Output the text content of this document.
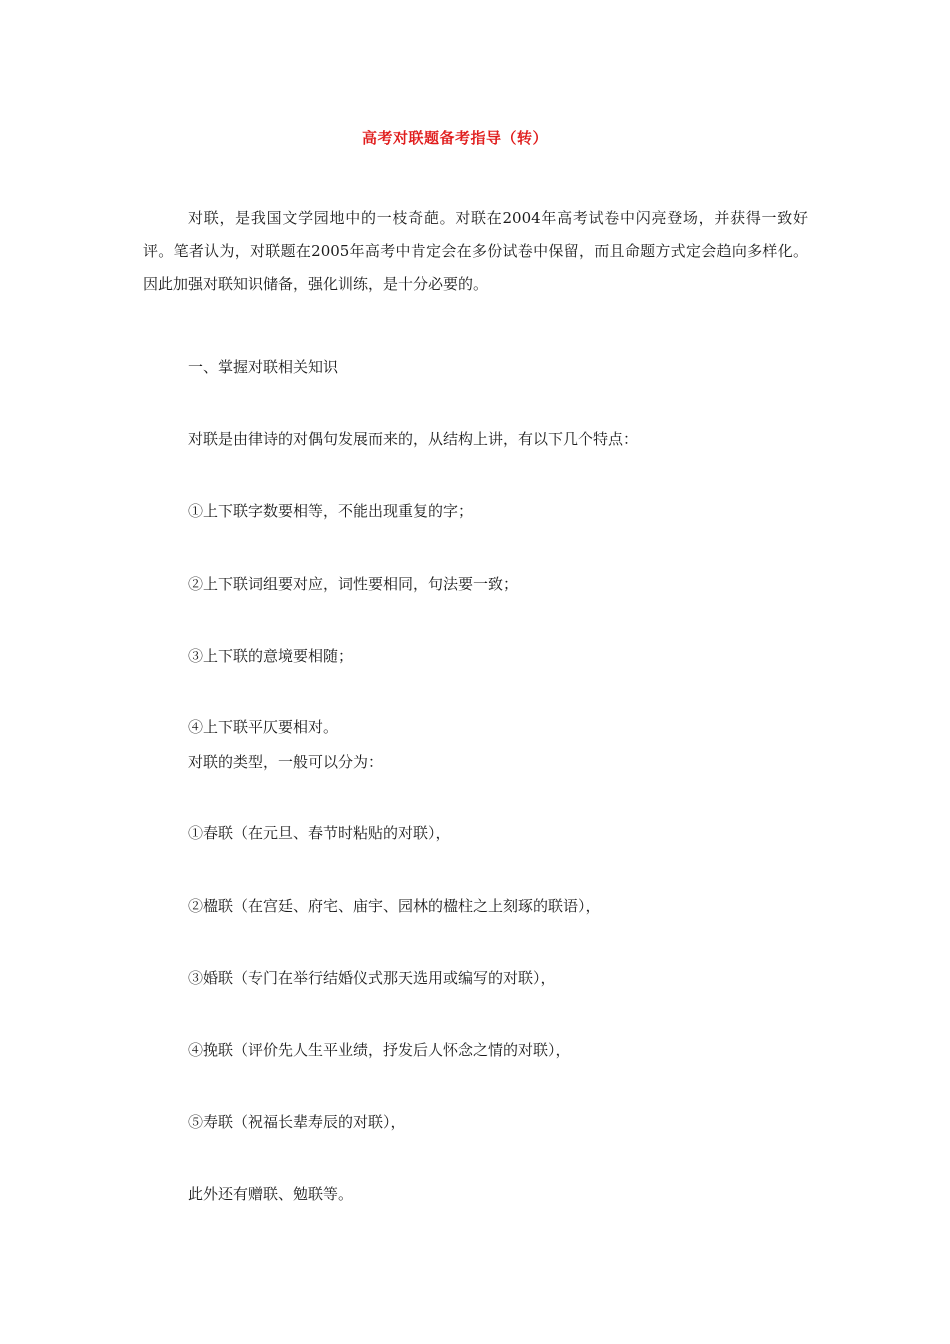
高考对联题备考指导（转）

对联，是我国文学园地中的一枝奇葩。对联在2004年高考试卷中闪亮登场，并获得一致好评。笔者认为，对联题在2005年高考中肯定会在多份试卷中保留，而且命题方式定会趋向多样化。因此加强对联知识储备，强化训练，是十分必要的。

一、掌握对联相关知识

对联是由律诗的对偶句发展而来的，从结构上讲，有以下几个特点：

①上下联字数要相等，不能出现重复的字；

②上下联词组要对应，词性要相同，句法要一致；

③上下联的意境要相随；

④上下联平仄要相对。

对联的类型，一般可以分为：

①春联（在元旦、春节时粘贴的对联），

②楹联（在宫廷、府宅、庙宇、园林的楹柱之上刻琢的联语），

③婚联（专门在举行结婚仪式那天选用或编写的对联），

④挽联（评价先人生平业绩，抒发后人怀念之情的对联），

⑤寿联（祝福长辈寿辰的对联），

此外还有赠联、勉联等。
